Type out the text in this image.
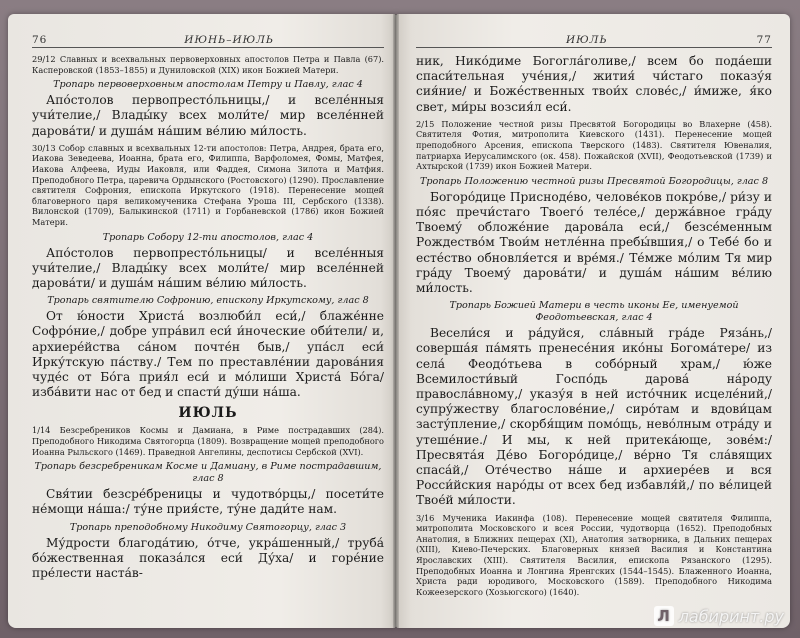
76	ИЮНЬ–ИЮЛЬ

29/12 Славных и всехвальных первоверховных апостолов Петра и Павла (67). Касперовской (1853–1855) и Дуниловской (XIX) икон Божией Матери.

Тропарь первоверховным апостолам Петру и Павлу, глас 4

Апо́столов первопресто́льницы,/ и вселе́нныя учи́телие,/ Влады́ку всех моли́те/ мир вселе́нней дарова́ти/ и душа́м на́шим ве́лию ми́лость.

30/13 Собор славных и всехвальных 12-ти апостолов: Петра, Андрея, брата его, Иакова Зеведеева, Иоанна, брата его, Филиппа, Варфоломея, Фомы, Матфея, Иакова Алфеева, Иуды Иаковля, или Фаддея, Симона Зилота и Матфия. Преподобного Петра, царевича Ордынского (Ростовского) (1290). Прославление святителя Софрония, епископа Иркутского (1918). Перенесение мощей благоверного царя великомученика Стефана Уроша III, Сербского (1338). Вилонской (1709), Балыкинской (1711) и Горбаневской (1786) икон Божией Матери.

Тропарь Собору 12-ти апостолов, глас 4

Апо́столов первопресто́льницы/ и вселе́нныя учи́телие,/ Влады́ку всех моли́те/ мир вселе́нней дарова́ти/ и душа́м на́шим ве́лию ми́лость.

Тропарь святителю Софронию, епископу Иркутскому, глас 8

От ю́ности Христа́ возлюби́л еси́,/ блаже́нне Софро́ние,/ добре упра́вил еси́ и́ноческие оби́тели/ и, архиере́йства са́ном почте́н быв,/ упа́сл еси́ Ирку́тскую па́ству./ Тем по преставле́нии дарова́ния чуде́с от Бо́га прия́л еси́ и мо́лиши Христа́ Бо́га/ изба́вити нас от бед и спасти́ ду́ши на́ша.

ИЮЛЬ

1/14 Безсребреников Космы и Дамиана, в Риме пострадавших (284). Преподобного Никодима Святогорца (1809). Возвращение мощей преподобного Иоанна Рыльского (1469). Праведной Ангелины, деспотисы Сербской (XVI).

Тропарь безсребреникам Косме и Дамиану, в Риме пострадавшим, глас 8

Свя́тии безсре́бреницы и чудотво́рцы,/ посети́те не́мощи на́ша:/ ту́не прия́сте, ту́не дади́те нам.

Тропарь преподобному Никодиму Святогорцу, глас 3

Му́дрости благода́тию, о́тче, укра́шенный,/ труба́ бо́жественная показа́лся еси́ Ду́ха/ и горе́ние пре́лести наста́в-

ИЮЛЬ	77

ник, Нико́диме Богогла́голиве,/ всем бо пода́еши спаси́тельная уче́ния,/ жития́ чи́стаго показу́я сия́ние/ и Боже́ственных твои́х слове́с,/ и́миже, я́ко свет, ми́ры возсия́л еси́.

2/15 Положение честной ризы Пресвятой Богородицы во Влахерне (458). Святителя Фотия, митрополита Киевского (1431). Перенесение мощей преподобного Арсения, епископа Тверского (1483). Святителя Ювеналия, патриарха Иерусалимского (ок. 458). Пожайской (XVII), Феодотьевской (1739) и Ахтырской (1739) икон Божией Матери.

Тропарь Положению честной ризы Пресвятой Богородицы, глас 8

Богоро́дице Присноде́во, челове́ков покро́ве,/ ри́зу и по́яс пречи́стаго Твоего́ теле́се,/ держа́вное гра́ду Твоему́ обложе́ние дарова́ла еси́,/ безсе́менным Рождество́м Твои́м нетле́нна пребы́вшия,/ о Тебе́ бо и есте́ство обновля́ется и вре́мя./ Те́мже мо́лим Тя мир гра́ду Твоему́ дарова́ти/ и душа́м на́шим ве́лию ми́лость.

Тропарь Божией Матери в честь иконы Ее, именуемой Феодотьевская, глас 4

Весели́ся и ра́дуйся, сла́вный гра́де Ряза́нь,/ соверша́я па́мять пренесе́ния ико́ны Богома́тере/ из села́ Феодо́тьева в собо́рный храм,/ ю́же Всемилости́вый Госпо́дь дарова́ на́роду правосла́вному,/ указу́я в ней исто́чник исцеле́ний,/ супру́жеству благослове́ние,/ сиро́там и вдови́цам засту́пление,/ скорбя́щим помо́щь, нево́лным отра́ду и утеше́ние./ И мы, к ней притека́юще, зове́м:/ Пресвята́я Де́во Богоро́дице,/ ве́рно Тя сла́вящих спаса́й,/ Оте́чество на́ше и архиере́ев и вся Росси́йския наро́ды от всех бед избавля́й,/ по ве́лицей Твое́й ми́лости.

3/16 Мученика Иакинфа (108). Перенесение мощей святителя Филиппа, митрополита Московского и всея России, чудотворца (1652). Преподобных Анатолия, в Ближних пещерах (XI), Анатолия затворника, в Дальних пещерах (XIII), Киево-Печерских. Благоверных князей Василия и Константина Ярославских (XIII). Святителя Василия, епископа Рязанского (1295). Преподобных Иоанна и Лонгина Яренгских (1544–1545). Блаженного Иоанна, Христа ради юродивого, Московского (1589). Преподобного Никодима Кожеезерского (Хозьюгского) (1640).

Л лабиринт.ру
